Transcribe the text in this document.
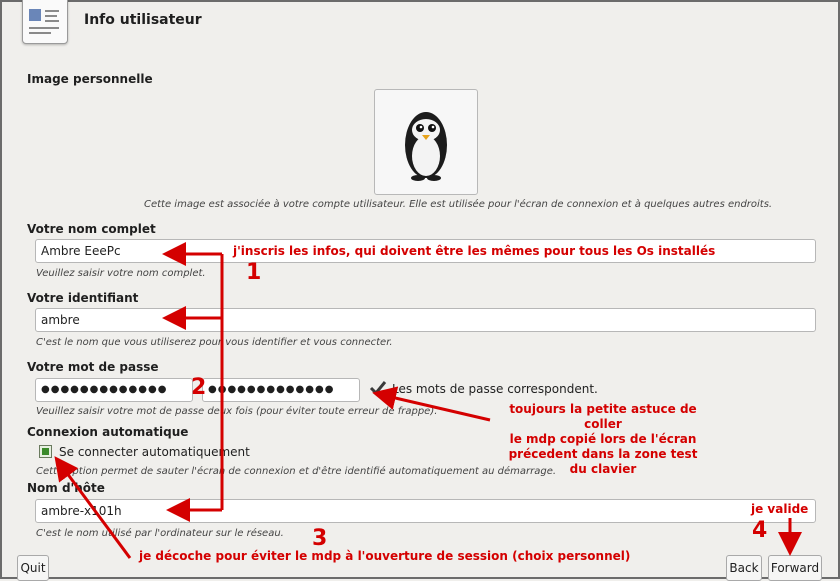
Info utilisateur
Image personnelle
Cette image est associée à votre compte utilisateur. Elle est utilisée pour l'écran de connexion et à quelques autres endroits.
Votre nom complet
Ambre EeePc
Veuillez saisir votre nom complet.
Votre identifiant
ambre
C'est le nom que vous utiliserez pour vous identifier et vous connecter.
Votre mot de passe
●●●●●●●●●●●●●	●●●●●●●●●●●●●	Les mots de passe correspondent.
Veuillez saisir votre mot de passe deux fois (pour éviter toute erreur de frappe).
Connexion automatique
Se connecter automatiquement
Cette option permet de sauter l'écran de connexion et d'être identifié automatiquement au démarrage.
Nom d'hôte
ambre-x101h
C'est le nom utilisé par l'ordinateur sur le réseau.
Quit	Back Forward
j'inscris les infos, qui doivent être les mêmes pour tous les Os installés
1
2
toujours la petite astuce de coller
le mdp copié lors de l'écran
précedent dans la zone test
du clavier
3
je décoche pour éviter le mdp à l'ouverture de session (choix personnel)
je valide
4
